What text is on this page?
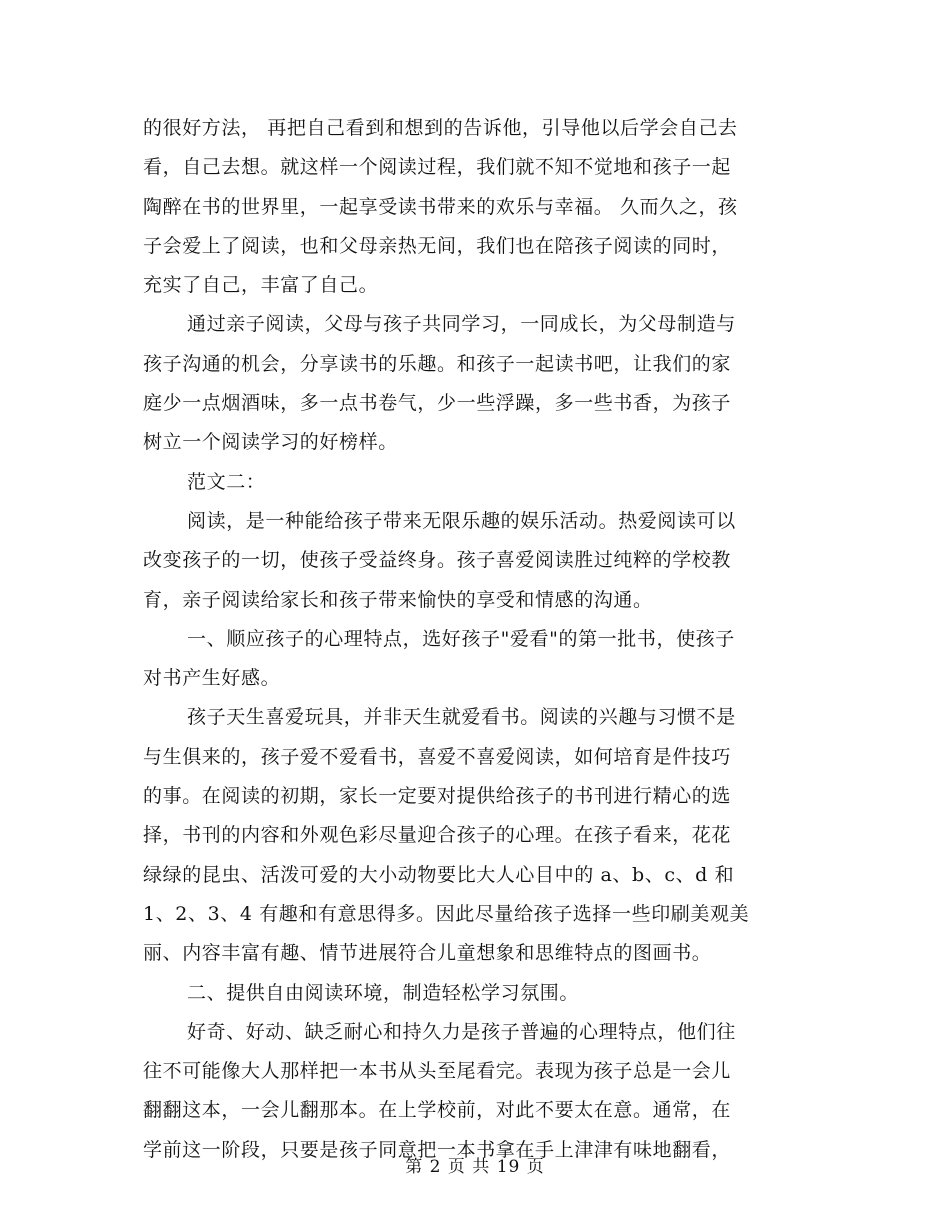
的很好方法， 再把自己看到和想到的告诉他，引导他以后学会自己去
看，自己去想。就这样一个阅读过程，我们就不知不觉地和孩子一起
陶醉在书的世界里，一起享受读书带来的欢乐与幸福。 久而久之，孩
子会爱上了阅读，也和父母亲热无间，我们也在陪孩子阅读的同时，
充实了自己，丰富了自己。
通过亲子阅读，父母与孩子共同学习，一同成长，为父母制造与
孩子沟通的机会，分享读书的乐趣。和孩子一起读书吧，让我们的家
庭少一点烟酒味，多一点书卷气，少一些浮躁，多一些书香，为孩子
树立一个阅读学习的好榜样。
范文二：
阅读，是一种能给孩子带来无限乐趣的娱乐活动。热爱阅读可以
改变孩子的一切，使孩子受益终身。孩子喜爱阅读胜过纯粹的学校教
育，亲子阅读给家长和孩子带来愉快的享受和情感的沟通。
一、顺应孩子的心理特点，选好孩子"爱看"的第一批书，使孩子
对书产生好感。
孩子天生喜爱玩具，并非天生就爱看书。阅读的兴趣与习惯不是
与生俱来的，孩子爱不爱看书，喜爱不喜爱阅读，如何培育是件技巧
的事。在阅读的初期，家长一定要对提供给孩子的书刊进行精心的选
择，书刊的内容和外观色彩尽量迎合孩子的心理。在孩子看来，花花
绿绿的昆虫、活泼可爱的大小动物要比大人心目中的 a、b、c、d 和
1、2、3、4 有趣和有意思得多。因此尽量给孩子选择一些印刷美观美
丽、内容丰富有趣、情节进展符合儿童想象和思维特点的图画书。
二、提供自由阅读环境，制造轻松学习氛围。
好奇、好动、缺乏耐心和持久力是孩子普遍的心理特点，他们往
往不可能像大人那样把一本书从头至尾看完。表现为孩子总是一会儿
翻翻这本，一会儿翻那本。在上学校前，对此不要太在意。通常，在
学前这一阶段，只要是孩子同意把一本书拿在手上津津有味地翻看，
第 2 页 共 19 页
